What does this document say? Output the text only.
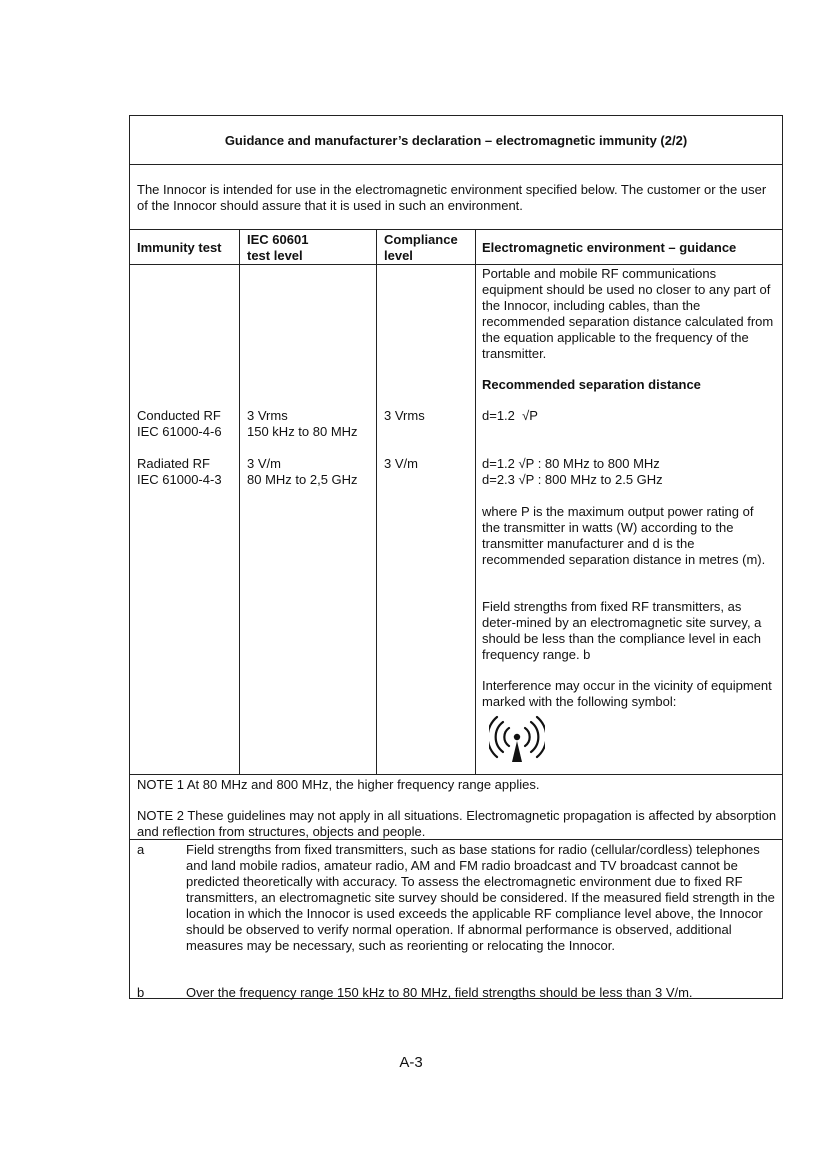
Guidance and manufacturer’s declaration – electromagnetic immunity (2/2)
The Innocor is intended for use in the electromagnetic environment specified below. The customer or the user of the Innocor should assure that it is used in such an environment.
Immunity test
IEC 60601
test level
Compliance
level
Electromagnetic environment – guidance
Portable and mobile RF communications equipment should be used no closer to any part of the Innocor, including cables, than the recommended separation distance calculated from the equation applicable to the frequency of the transmitter.
Recommended separation distance
d=1.2  √P
d=1.2 √P : 80 MHz to 800 MHz
d=2.3 √P : 800 MHz to 2.5 GHz
where P is the maximum output power rating of the transmitter in watts (W) according to the transmitter manufacturer and d is the recommended separation distance in metres (m).
Field strengths from fixed RF transmitters, as deter-mined by an electromagnetic site survey, a should be less than the compliance level in each frequency range. b
Interference may occur in the vicinity of equipment marked with the following symbol:
Conducted RF
IEC 61000-4-6
3 Vrms
150 kHz to 80 MHz
3 Vrms
Radiated RF
IEC 61000-4-3
3 V/m
80 MHz to 2,5 GHz
3 V/m
NOTE 1 At 80 MHz and 800 MHz, the higher frequency range applies.
NOTE 2 These guidelines may not apply in all situations. Electromagnetic propagation is affected by absorption and reflection from structures, objects and people.
a	Field strengths from fixed transmitters, such as base stations for radio (cellular/cordless) telephones and land mobile radios, amateur radio, AM and FM radio broadcast and TV broadcast cannot be predicted theoretically with accuracy. To assess the electromagnetic environment due to fixed RF transmitters, an electromagnetic site survey should be considered. If the measured field strength in the location in which the Innocor is used exceeds the applicable RF compliance level above, the Innocor should be observed to verify normal operation. If abnormal performance is observed, additional measures may be necessary, such as reorienting or relocating the Innocor.
b	Over the frequency range 150 kHz to 80 MHz, field strengths should be less than 3 V/m.
A-3
